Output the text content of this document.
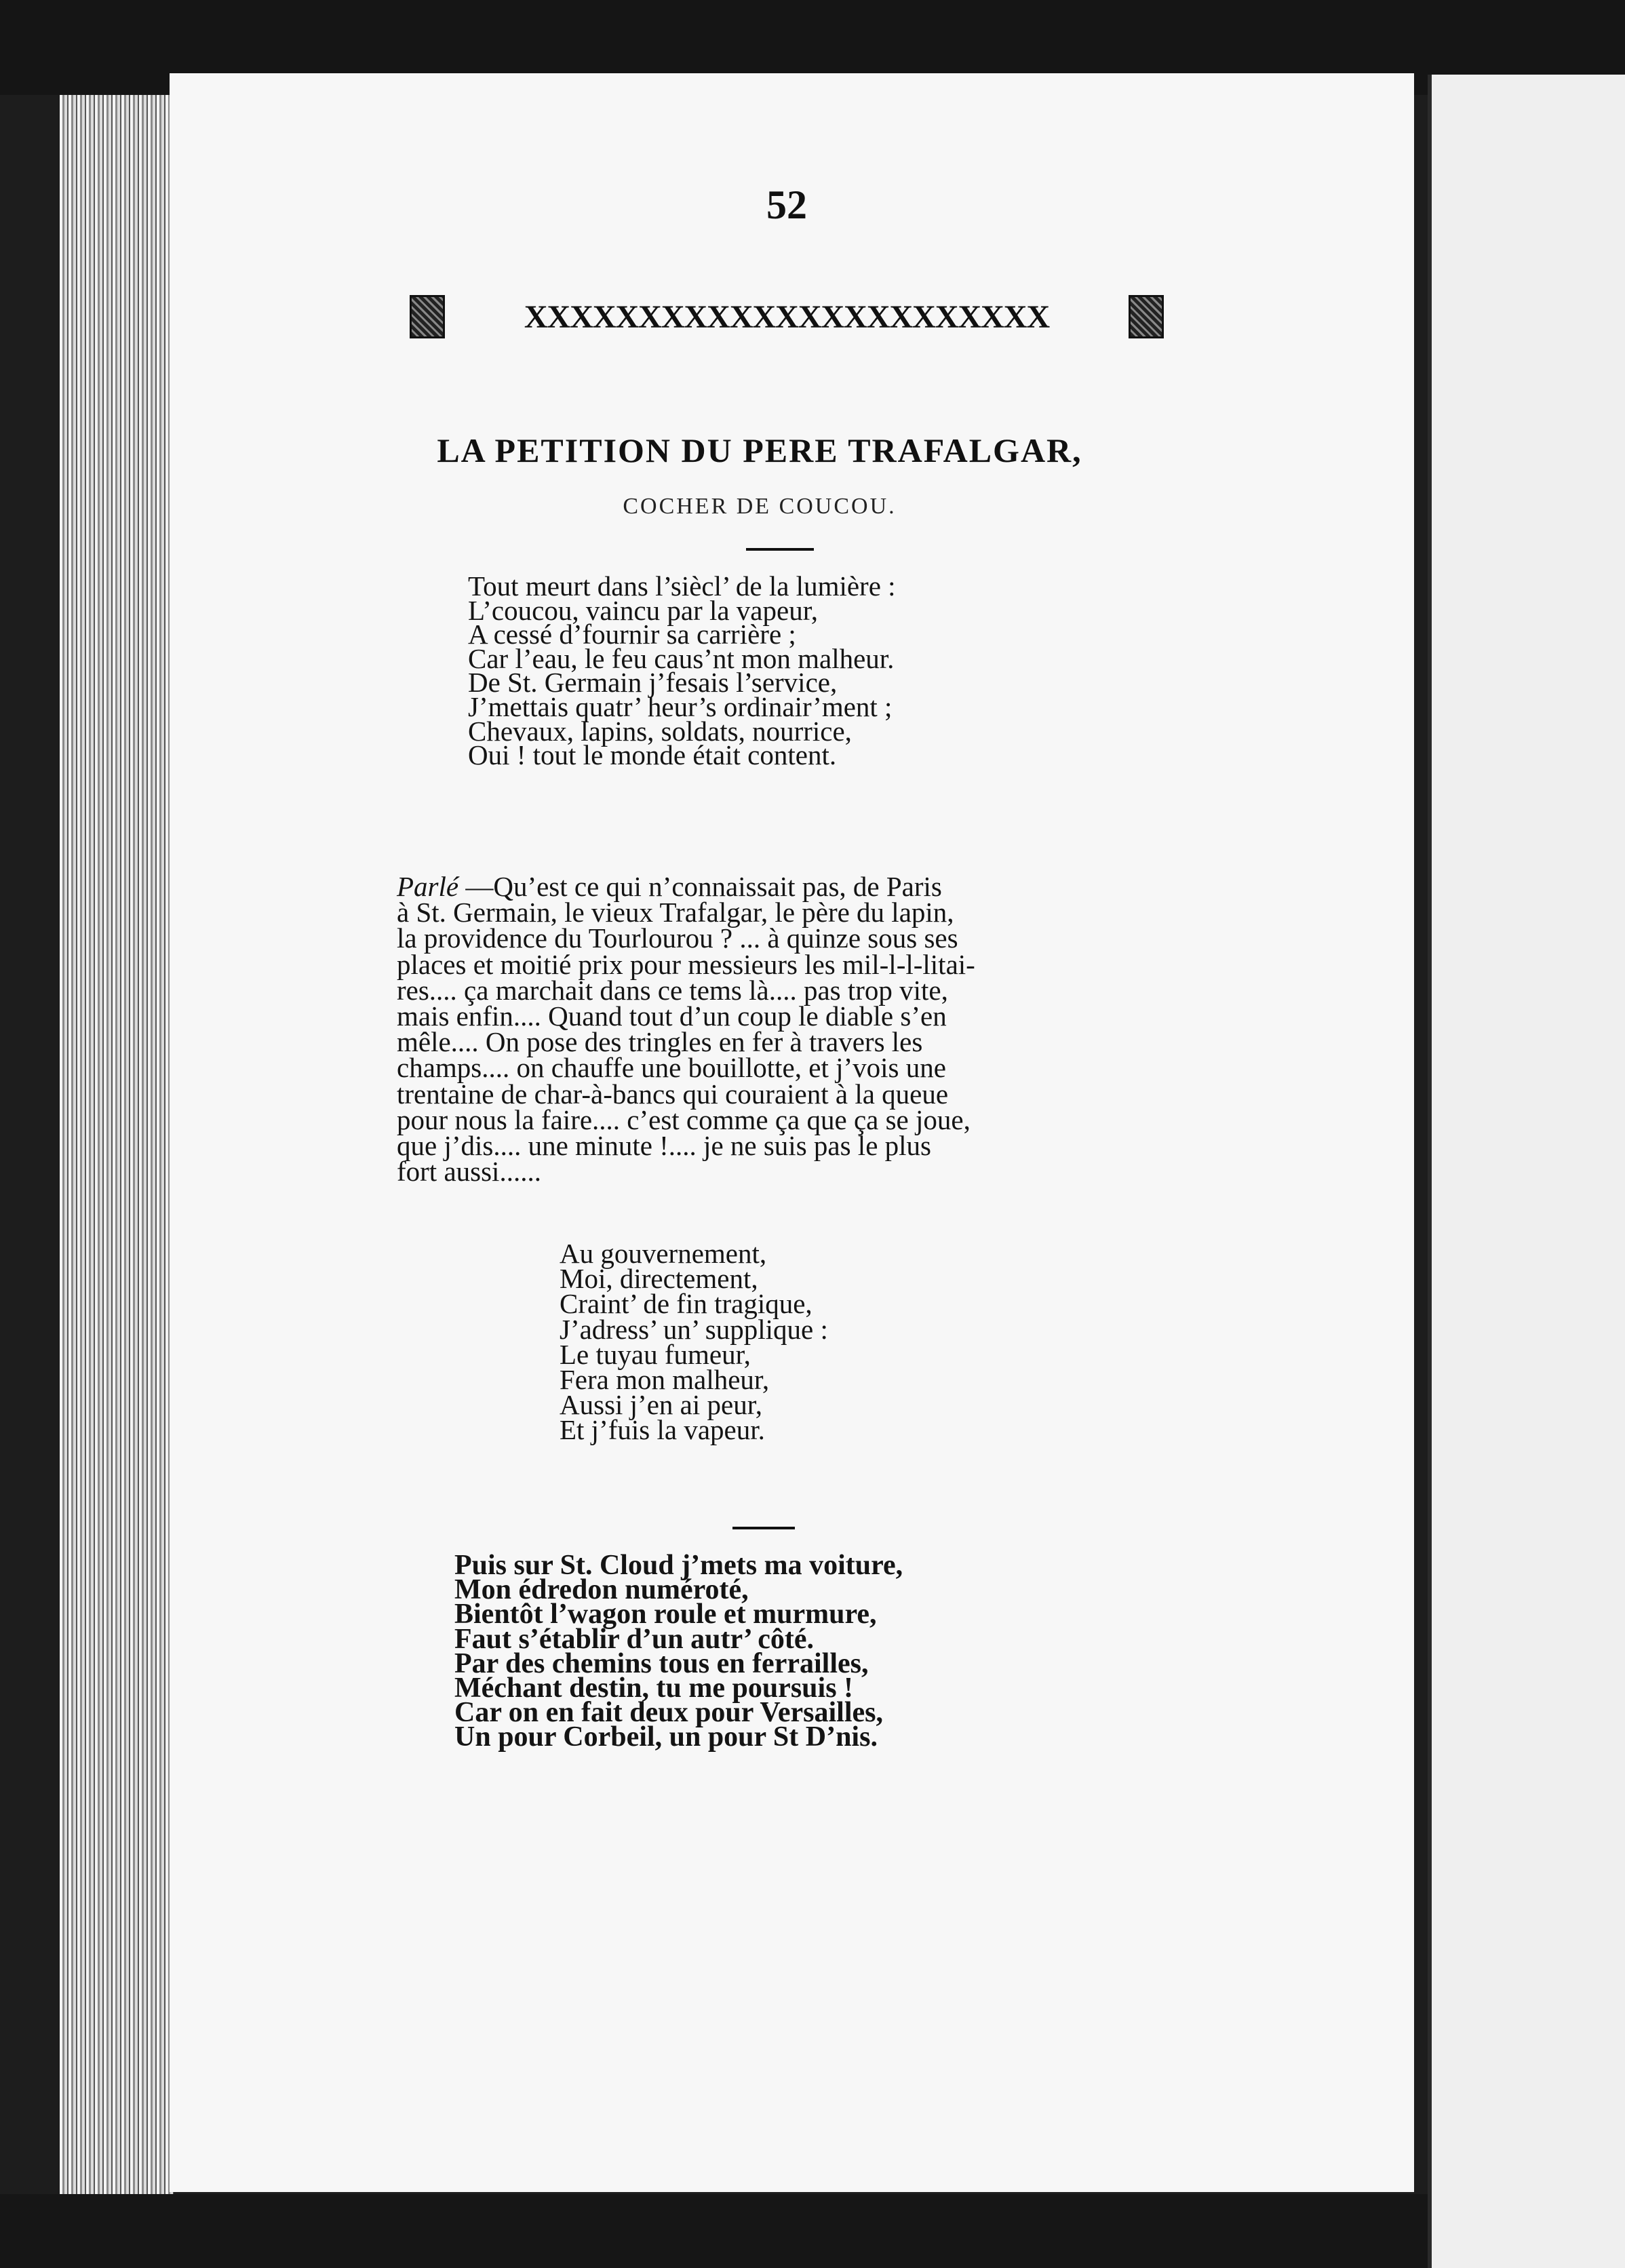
52
XXXXXXXXXXXXXXXXXXXXXXX
LA PETITION DU PERE TRAFALGAR,
COCHER DE COUCOU.
Tout meurt dans l’siècl’ de la lumière :
L’coucou, vaincu par la vapeur,
A cessé d’fournir sa carrière ;
Car l’eau, le feu caus’nt mon malheur.
De St. Germain j’fesais l’service,
J’mettais quatr’ heur’s ordinair’ment ;
Chevaux, lapins, soldats, nourrice,
Oui ! tout le monde était content.
Parlé —Qu’est ce qui n’connaissait pas, de Paris
à St. Germain, le vieux Trafalgar, le père du lapin,
la providence du Tourlourou ? ... à quinze sous ses
places et moitié prix pour messieurs les mil-l-l-litai-
res.... ça marchait dans ce tems là.... pas trop vite,
mais enfin.... Quand tout d’un coup le diable s’en
mêle.... On pose des tringles en fer à travers les
champs.... on chauffe une bouillotte, et j’vois une
trentaine de char-à-bancs qui couraient à la queue
pour nous la faire.... c’est comme ça que ça se joue,
que j’dis.... une minute !.... je ne suis pas le plus
fort aussi......
Au gouvernement,
Moi, directement,
Craint’ de fin tragique,
J’adress’ un’ supplique :
Le tuyau fumeur,
Fera mon malheur,
Aussi j’en ai peur,
Et j’fuis la vapeur.
Puis sur St. Cloud j’mets ma voiture,
Mon édredon numéroté,
Bientôt l’wagon roule et murmure,
Faut s’établir d’un autr’ côté.
Par des chemins tous en ferrailles,
Méchant destin, tu me poursuis !
Car on en fait deux pour Versailles,
Un pour Corbeil, un pour St D’nis.
